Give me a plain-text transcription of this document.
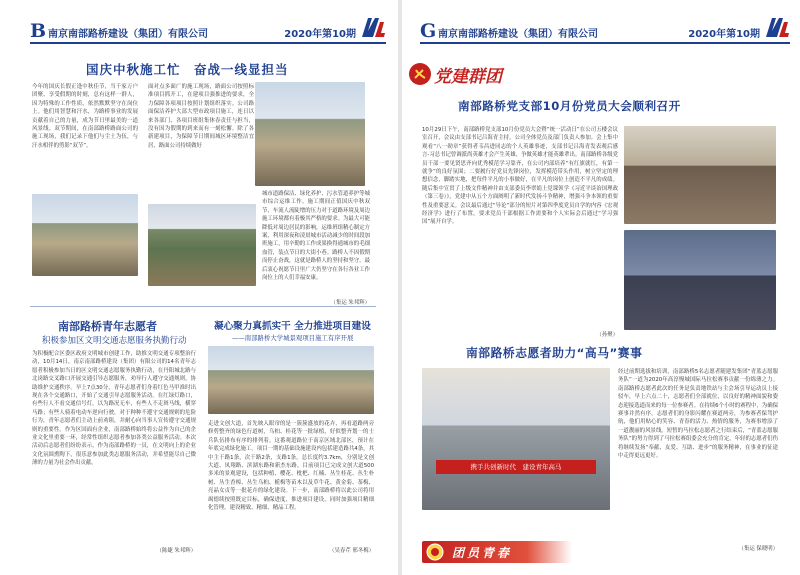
B 南京南部路桥建设（集团）有限公司	2020年第10期
国庆中秋施工忙　奋战一线显担当
今年的国庆长假正逢中秋佳节，当千家万户团聚、享受假期的时刻，总有这样一群人，因为特殊的工作性质，依然默默坚守在岗位上。他们用智慧和汗水，为路桥事业的发展贡献着自己的力量，成为节日里最美的一道风景线。双节期间，在南部路桥路面公司的施工现场，我们记录下他们与尘土为伍，与汗水相伴的剪影“双节”。
面对点多面广的施工现场，路面公司按照标准项目抓开工，在建项目强推进的要求，全力保障各项项目按照计划组织落实。公司路面保洁养护大部大型市政项目施工，连日以来各部门、各项目班组集体春责任与担当，没有因为假期的到来而有一刻松懈。除了各新建项目，为保障节日期间城区环境整洁宜居，路面公司持续做好
城市道路保洁、绿化养护、污水管道养护等城市综合运维工作。施工期间正值国庆中秋双节，车流人流陡增的压力对于道路环境及周边施工环境都有着极其严格的要求。为最大可能降低对周边居民的影响，运维班组精心制定方案，利用深夜和凌晨城市活动减少的时间段加班施工，用辛勤的工作成果换得通城市的毛细血管，装点节日的大街小巷。路桥人不因假期而停止奋战，这就是路桥人的坚持和坚守。最后衷心祝愿节日里广大仍坚守在各行各业工作岗位上的人们幸福安康。
（集运 朱邦辉）
南部路桥青年志愿者
积极参加区文明交通志愿服务执勤行动
为积极配合区委区政府文明城市创建工作，助推文明交通专项整治行动，10月14日，南京南部路桥建设（集团）有限公司的14名青年志愿者积极参加当日的区文明交通志愿服务执勤行动，在丹阳城北路与北岗路交叉路口开展交通引导志愿服务，劝导行人遵守交通规则，协助维护交通秩序。早上7点30分，青年志愿者们身着红色马甲准时出现在各个交通路口，开始了交通引导志愿服务活动。在红绿灯路口，有些行人不看交通信号灯，以为路况无车，有些人不走斑马线，横穿马路；有些人骑着电动车逆向行驶，对于种种不遵守交通规则的危险行为，青年志愿者们主动上前劝阻，并耐心向当事人宣传遵守交通规则的重要性。作为区国面有企业，南部路桥始终将公益作为自己的企业文化里重要一环，经常性组织志愿者参加各类公益服务活动。本次活动后志愿者们纷纷表示，作为南部路桥的一员，在文明向上的企业文化氛围熏陶下，很乐意参加此类志愿服务活动，并希望能尽自己微薄的力量为社会作出贡献。
（陈婕 朱邦辉）
凝心聚力真抓实干 全力推进项目建设
——南部路桥大学城景观项目施工有序开展
走进文创大道，首先映入眼帘的是一簇簇盛放的花卉，再看道路两旁修剪整齐的绿色行道树，乌桕、桂花等一批绿植，好似整齐划一的士兵队伍排布有序的排列着。这番观道路位于南京区域北部区，预计在年底完成绿化施工。项目一期的基础设施建设内包括建造路共4条，其中主干路1条，次干路2条，支路1条，总长度约3.7km，分别是文创大道、凤翔路、滨湖东路和新杰东路，目前项目已完成文创大道500多米的景观建设，包括种植、樱花、枇杷、红楠、丛生桂花、丛生朴树、丛生香樟、丛生乌桕、栀梅等苗木以及草牛花、黄金菊、茶梅、亮晶女贞等一批花卉的绿化建设。下一步，南部路桥将以此公司将用竭德续按照既定目标，确保进度，推进项目建设，同时加强项目精细化管理，建设精致、精细、精品工程。
（吴春芹 邢冬梅）
G 南京南部路桥建设（集团）有限公司	2020年第10期
党建群团
南部路桥党支部10月份党员大会顺利召开
10月29日下午，南部路桥党支部10月份党员大会暨“统一活动日”在公司五楼会议室召开，会议由支部书记吕海青主持，公司全体党员及部门负责人参加。会上集中观看“八一勋章”获得者韦昌进同志的个人英雄事迹，支部书记吕海青发表观后感言-习总书记曾调派尚英雄才会产生英雄，争做英雄才能英雄辈出。南部路桥各级党员干部一要见贤思齐向优秀模范学习靠齐，在公司内部培养“有红旗就红，有第一就争”的良好氛围；二要履行好党员先锋岗位，发挥模范带头作用，树立坚定的理想信念，脚踏实地，把每件平凡的小事做好，在平凡的岗位上创造不平凡的成绩。随后集中宣贯了上级文件精神并由支部委员李翠娟上党课领学《习近平谈治国理政（第三卷）》，党建中从五个方面阐明了新时代发扬斗争精神，增强斗争本领的重要性及重要意义。会议最后通过“导论”部分的短片对第四季度党员自学的内容《宏观经济学》进行了布置，要求党员干部根据工作需要和个人实际会后通过“学习强国”展开自学。
（孙聚）
南部路桥志愿者助力“高马”赛事
携手共创新时代　建设青年高马
经过前期选拔和培训，南部路桥5名志愿者随建发集团“青蓝志愿服务队”一道为2020年高淳慢城国际马拉松赛事贡献一份绵薄之力。南部路桥志愿者此次的任务是负责地铁站与主会场引导运动员上接驳车，早上六点二十，志愿者们全部就位，以良好的精神面貌和姿态迎接选道而来的每一位参赛者。在持续6个小时的赛程中，为确保赛事并然有序，志愿者们的身影闪耀在赛道两旁，为参赛者保驾护航，他们用贴心的笑容、青春的活力、热情的服务，为赛事增添了一道靓丽的风景线。短暂的马拉松志愿者之行结束后，“青蓝志愿服务队”的努力得到了马拉松赛组委会充分的肯定。年轻的志愿者们伤将继续发扬“奉献、友爱、互助、进步”的服务精神，在事业的征途中走得更远更好。
（集运 保晓明）
团员青春
